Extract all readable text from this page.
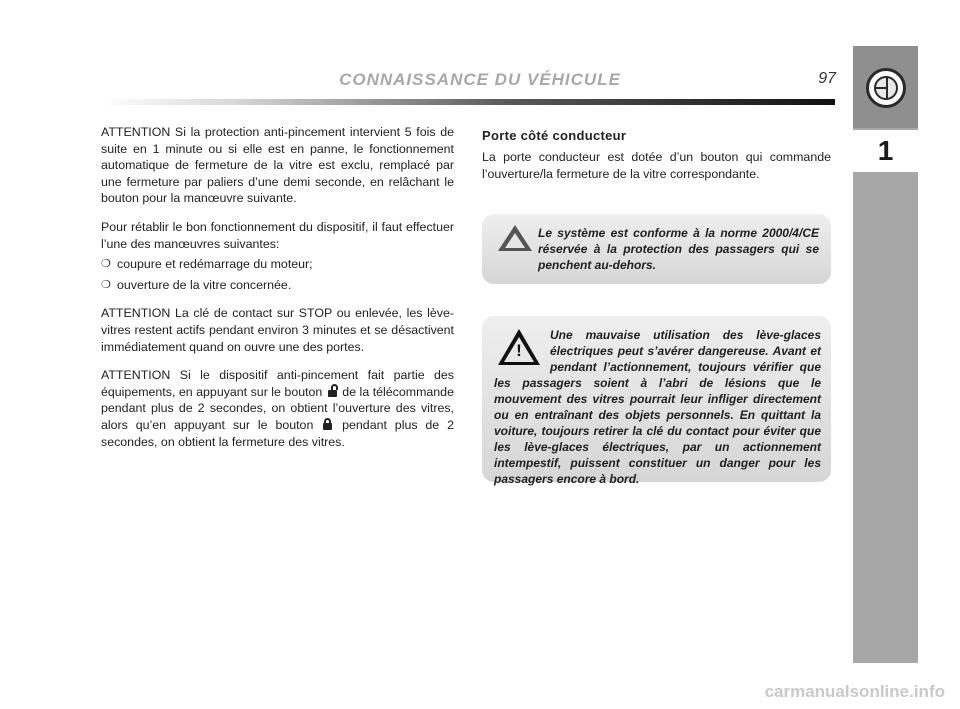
CONNAISSANCE DU VÉHICULE	97
1

ATTENTION Si la protection anti-pincement intervient 5 fois de suite en 1 minute ou si elle est en panne, le fonctionnement automatique de fermeture de la vitre est exclu, remplacé par une fermeture par paliers d’une demi seconde, en relâchant le bouton pour la manœuvre suivante.

Pour rétablir le bon fonctionnement du dispositif, il faut effectuer l’une des manœuvres suivantes:

❍ coupure et redémarrage du moteur;
❍ ouverture de la vitre concernée.

ATTENTION La clé de contact sur STOP ou enlevée, les lève-vitres restent actifs pendant environ 3 minutes et se désactivent immédiatement quand on ouvre une des portes.

ATTENTION Si le dispositif anti-pincement fait partie des équipements, en appuyant sur le bouton de la télécommande pendant plus de 2 secondes, on obtient l’ouverture des vitres, alors qu’en appuyant sur le bouton pendant plus de 2 secondes, on obtient la fermeture des vitres.

Porte côté conducteur
La porte conducteur est dotée d’un bouton qui commande l’ouverture/la fermeture de la vitre correspondante.
Le système est conforme à la norme 2000/4/CE réservée à la protection des passagers qui se penchent au-dehors.
!
Une mauvaise utilisation des lève-glaces électriques peut s’avérer dangereuse. Avant et pendant l’actionnement, toujours vérifier que les passagers soient à l’abri de lésions que le mouvement des vitres pourrait leur infliger directement ou en entraînant des objets personnels. En quittant la voiture, toujours retirer la clé du contact pour éviter que les lève-glaces électriques, par un actionnement intempestif, puissent constituer un danger pour les passagers encore à bord.
carmanualsonline.info
